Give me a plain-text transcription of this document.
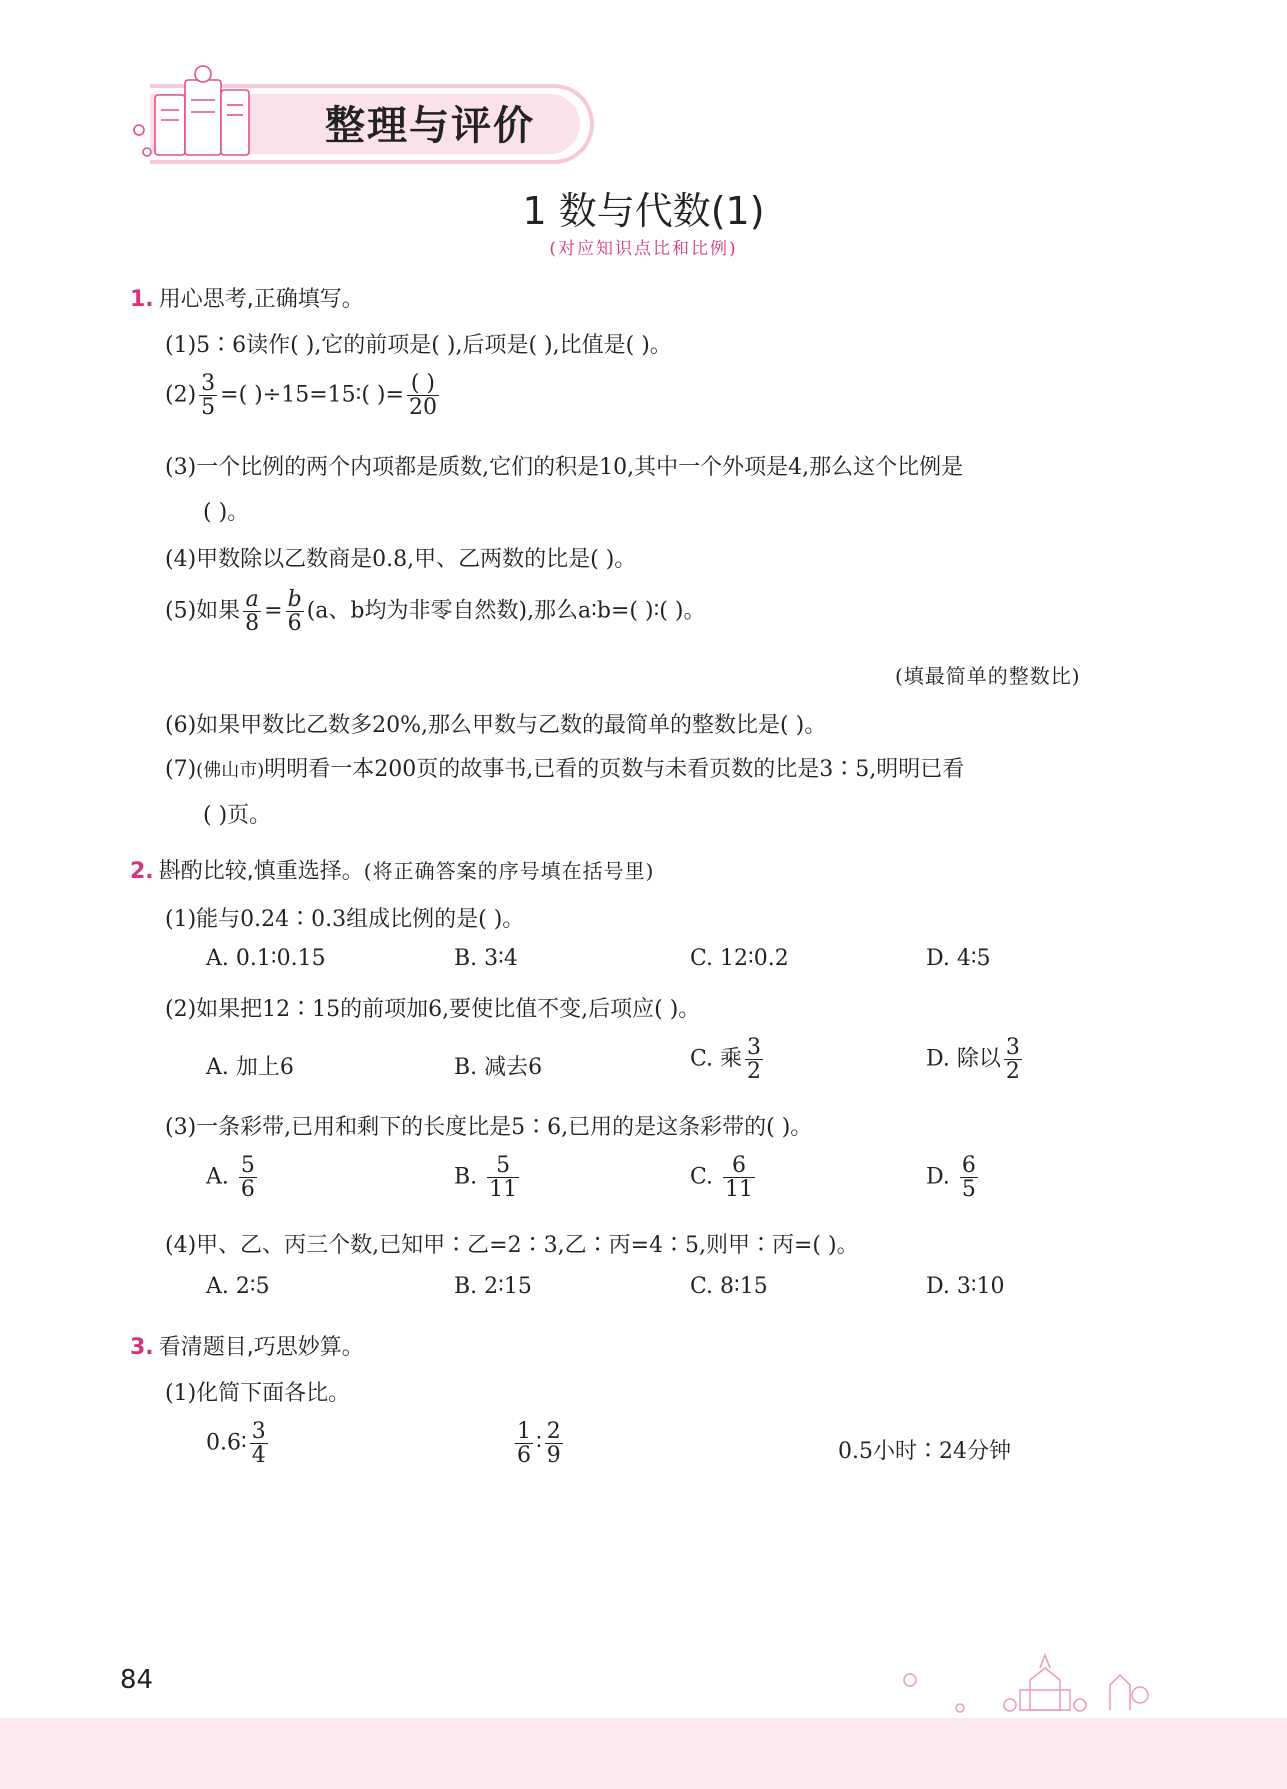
整理与评价
1 数与代数(1)
(对应知识点比和比例)
1. 用心思考,正确填写。
(1)5∶6读作( ),它的前项是( ),后项是( ),比值是( )。
$(2) \frac{3}{5}$ =( )÷15=15∶( )= $\frac{( )}{20}$
(3)一个比例的两个内项都是质数,它们的积是10,其中一个外项是4,那么这个比例是
( )。
(4)甲数除以乙数商是0.8,甲、乙两数的比是( )。
(5)如果 $\frac{a}{8} = \frac{b}{6} (a$、b均为非零自然数),那么a∶b=( )∶( )。
(填最简单的整数比)
(6)如果甲数比乙数多20%,那么甲数与乙数的最简单的整数比是( )。
(7)(佛山市)明明看一本200页的故事书,已看的页数与未看页数的比是3∶5,明明已看
( )页。
2. 斟酌比较,慎重选择。(将正确答案的序号填在括号里)
(1)能与0.24∶0.3组成比例的是( )。
A. 0.1∶0.15	B. 3∶4	C. 12∶0.2	D. 4∶5
(2)如果把12∶15的前项加6,要使比值不变,后项应( )。
A. 加上6	B. 减去6	C. 乘 $\frac{3}{2}$	D. 除以 $\frac{3}{2}$
(3)一条彩带,已用和剩下的长度比是5∶6,已用的是这条彩带的( )。
A. $\frac{5}{6}$	B. $\frac{5}{11}$	C. $\frac{6}{11}$	D. $\frac{6}{5}$
(4)甲、乙、丙三个数,已知甲∶乙=2∶3,乙∶丙=4∶5,则甲∶丙=( )。
A. 2∶5	B. 2∶15	C. 8∶15	D. 3∶10
3. 看清题目,巧思妙算。
(1)化简下面各比。
0.6∶ $\frac{3}{4}$	$\frac{1}{6}$ ∶ $\frac{2}{9}$	0.5小时∶24分钟
84
